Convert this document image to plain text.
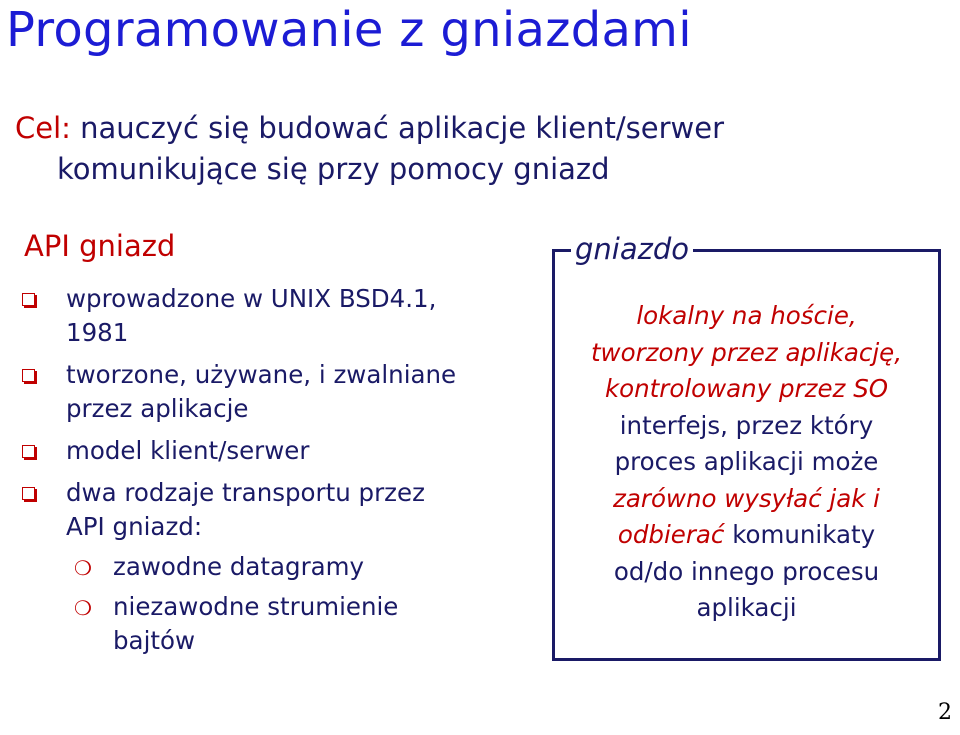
Programowanie z gniazdami
Cel: nauczyć się budować aplikacje klient/serwer
komunikujące się przy pomocy gniazd
API gniazd
wprowadzone w UNIX BSD4.1, 1981
tworzone, używane, i zwalniane przez aplikacje
model klient/serwer
dwa rodzaje transportu przez API gniazd:
❍ zawodne datagramy
❍ niezawodne strumienie bajtów
gniazdo
lokalny na hoście,
tworzony przez aplikację,
kontrolowany przez SO
interfejs, przez który
proces aplikacji może
zarówno wysyłać jak i
odbierać komunikaty
od/do innego procesu
aplikacji
2
